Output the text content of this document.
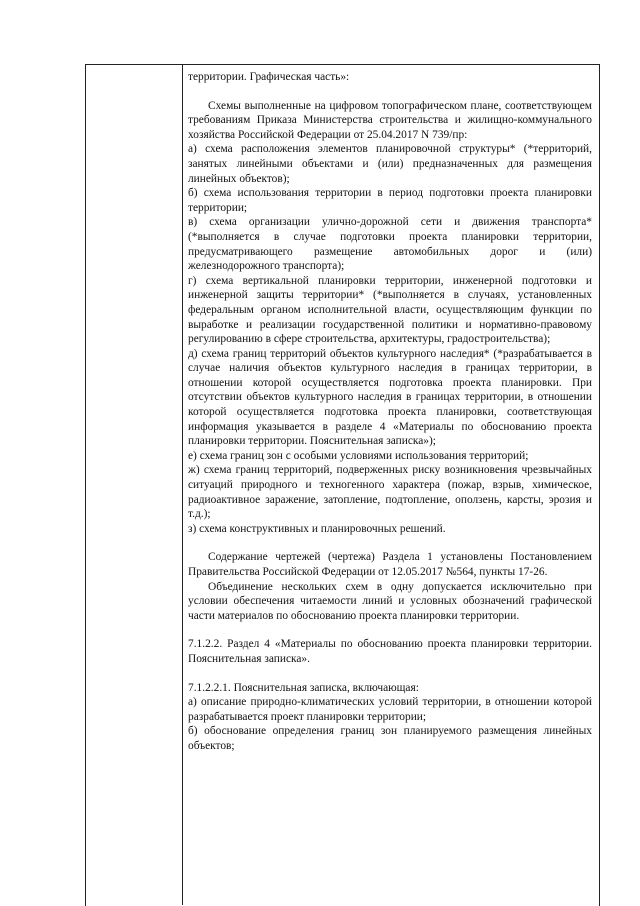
территории. Графическая часть»:

Схемы выполненные на цифровом топографическом плане, соответствующем требованиям Приказа Министерства строительства и жилищно-коммунального хозяйства Российской Федерации от 25.04.2017 N 739/пр:

а) схема расположения элементов планировочной структуры* (*территорий, занятых линейными объектами и (или) предназначенных для размещения линейных объектов);

б) схема использования территории в период подготовки проекта планировки территории;

в) схема организации улично-дорожной сети и движения транспорта* (*выполняется в случае подготовки проекта планировки территории, предусматривающего размещение автомобильных дорог и (или) железнодорожного транспорта);

г) схема вертикальной планировки территории, инженерной подготовки и инженерной защиты территории* (*выполняется в случаях, установленных федеральным органом исполнительной власти, осуществляющим функции по выработке и реализации государственной политики и нормативно-правовому регулированию в сфере строительства, архитектуры, градостроительства);

д) схема границ территорий объектов культурного наследия* (*разрабатывается в случае наличия объектов культурного наследия в границах территории, в отношении которой осуществляется подготовка проекта планировки. При отсутствии объектов культурного наследия в границах территории, в отношении которой осуществляется подготовка проекта планировки, соответствующая информация указывается в разделе 4 «Материалы по обоснованию проекта планировки территории. Пояснительная записка»);

е) схема границ зон с особыми условиями использования территорий;

ж) схема границ территорий, подверженных риску возникновения чрезвычайных ситуаций природного и техногенного характера (пожар, взрыв, химическое, радиоактивное заражение, затопление, подтопление, оползень, карсты, эрозия и т.д.);

з) схема конструктивных и планировочных решений.

Содержание чертежей (чертежа) Раздела 1 установлены Постановлением Правительства Российской Федерации от 12.05.2017 №564, пункты 17-26.

Объединение нескольких схем в одну допускается исключительно при условии обеспечения читаемости линий и условных обозначений графической части материалов по обоснованию проекта планировки территории.

7.1.2.2. Раздел 4 «Материалы по обоснованию проекта планировки территории. Пояснительная записка».

7.1.2.2.1. Пояснительная записка, включающая:

а) описание природно-климатических условий территории, в отношении которой разрабатывается проект планировки территории;

б) обоснование определения границ зон планируемого размещения линейных объектов;
